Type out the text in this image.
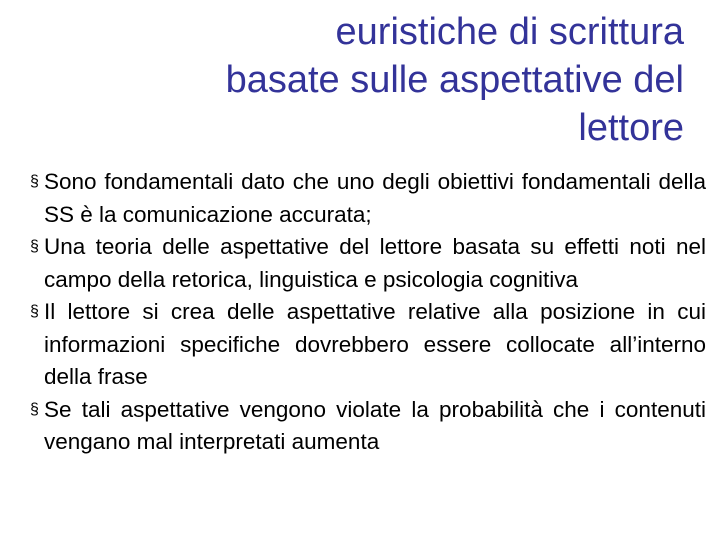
euristiche di scrittura
basate sulle aspettative del
lettore

§
Sono fondamentali dato che uno degli obiettivi fondamentali della SS è la comunicazione accurata;

§
Una teoria delle aspettative del lettore basata su effetti noti nel campo della retorica, linguistica e psicologia cognitiva

§
Il lettore si crea delle aspettative relative alla posizione in cui informazioni specifiche dovrebbero essere collocate all’interno della frase

§
Se tali aspettative vengono violate la probabilità che i contenuti vengano mal interpretati aumenta
